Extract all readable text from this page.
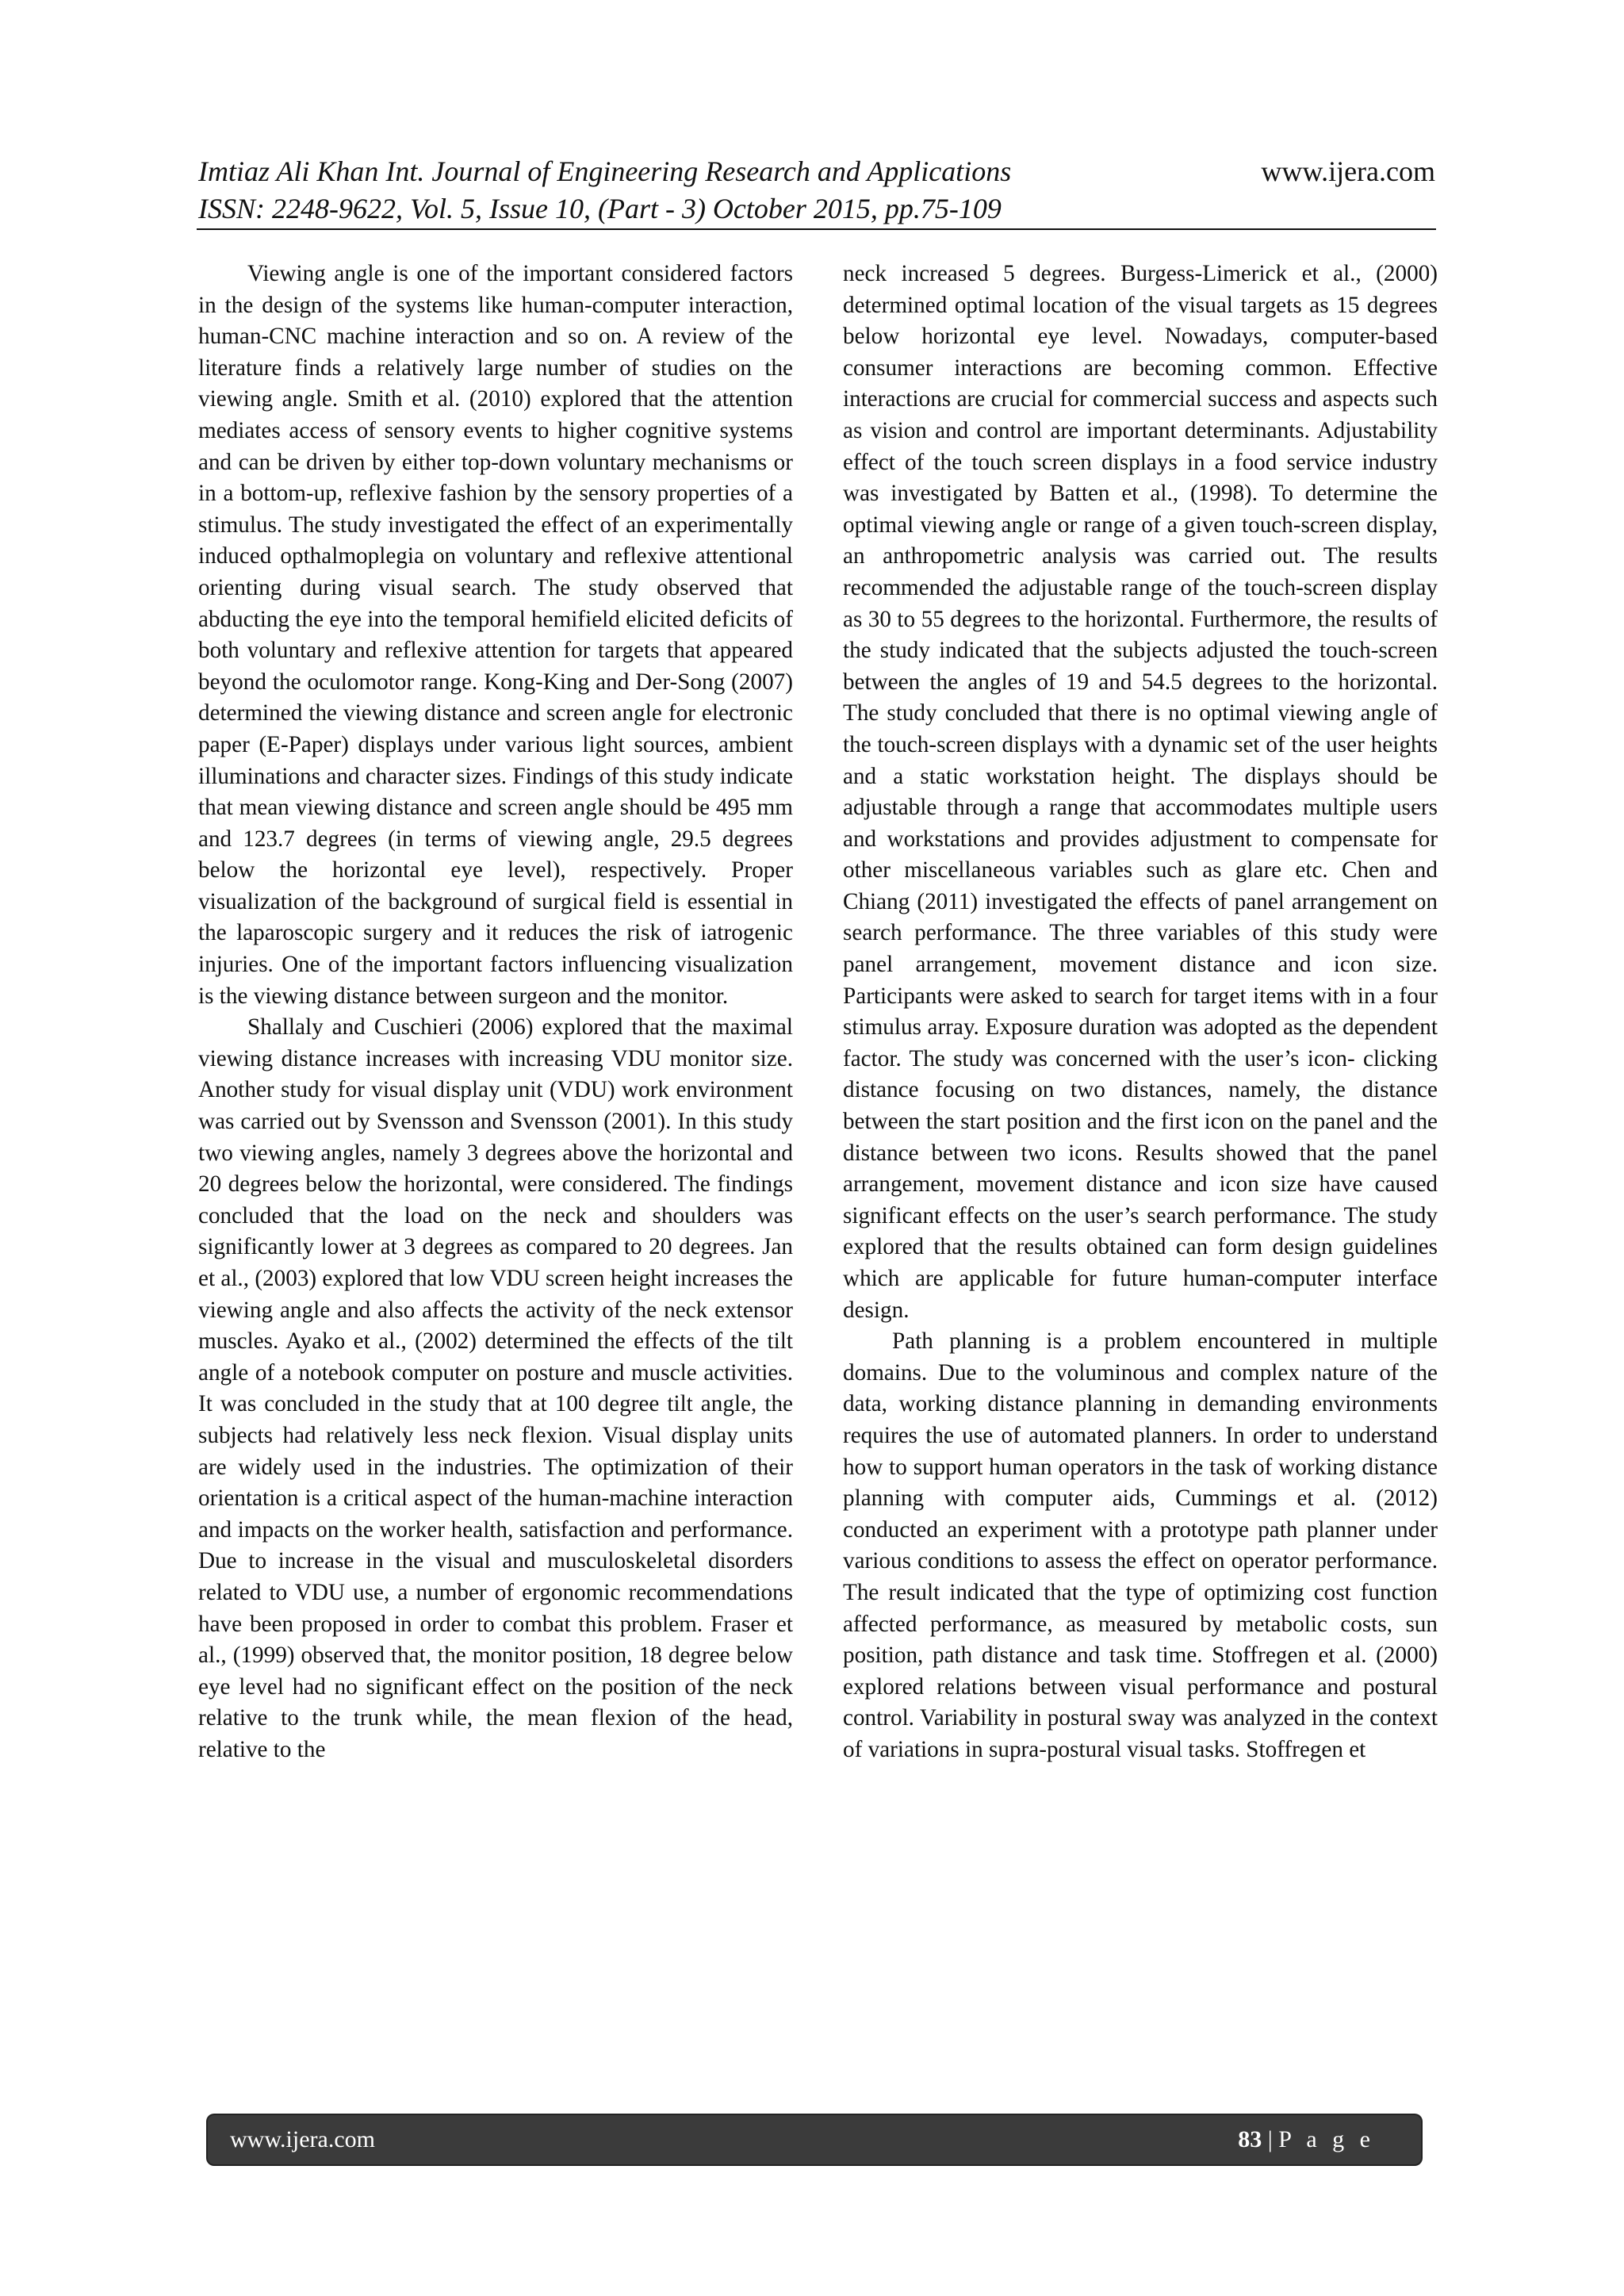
Imtiaz Ali Khan Int. Journal of Engineering Research and Applications	www.ijera.com
ISSN: 2248-9622, Vol. 5, Issue 10, (Part - 3) October 2015, pp.75-109

Viewing angle is one of the important considered factors in the design of the systems like human-computer interaction, human-CNC machine interaction and so on. A review of the literature finds a relatively large number of studies on the viewing angle. Smith et al. (2010) explored that the attention mediates access of sensory events to higher cognitive systems and can be driven by either top-down voluntary mechanisms or in a bottom-up, reflexive fashion by the sensory properties of a stimulus. The study investigated the effect of an experimentally induced opthalmoplegia on voluntary and reflexive attentional orienting during visual search. The study observed that abducting the eye into the temporal hemifield elicited deficits of both voluntary and reflexive attention for targets that appeared beyond the oculomotor range. Kong-King and Der-Song (2007) determined the viewing distance and screen angle for electronic paper (E-Paper) displays under various light sources, ambient illuminations and character sizes. Findings of this study indicate that mean viewing distance and screen angle should be 495 mm and 123.7 degrees (in terms of viewing angle, 29.5 degrees below the horizontal eye level), respectively. Proper visualization of the background of surgical field is essential in the laparoscopic surgery and it reduces the risk of iatrogenic injuries. One of the important factors influencing visualization is the viewing distance between surgeon and the monitor.

Shallaly and Cuschieri (2006) explored that the maximal viewing distance increases with increasing VDU monitor size. Another study for visual display unit (VDU) work environment was carried out by Svensson and Svensson (2001). In this study two viewing angles, namely 3 degrees above the horizontal and 20 degrees below the horizontal, were considered. The findings concluded that the load on the neck and shoulders was significantly lower at 3 degrees as compared to 20 degrees. Jan et al., (2003) explored that low VDU screen height increases the viewing angle and also affects the activity of the neck extensor muscles. Ayako et al., (2002) determined the effects of the tilt angle of a notebook computer on posture and muscle activities. It was concluded in the study that at 100 degree tilt angle, the subjects had relatively less neck flexion. Visual display units are widely used in the industries. The optimization of their orientation is a critical aspect of the human-machine interaction and impacts on the worker health, satisfaction and performance. Due to increase in the visual and musculoskeletal disorders related to VDU use, a number of ergonomic recommendations have been proposed in order to combat this problem. Fraser et al., (1999) observed that, the monitor position, 18 degree below eye level had no significant effect on the position of the neck relative to the trunk while, the mean flexion of the head, relative to the

neck increased 5 degrees. Burgess-Limerick et al., (2000) determined optimal location of the visual targets as 15 degrees below horizontal eye level. Nowadays, computer-based consumer interactions are becoming common. Effective interactions are crucial for commercial success and aspects such as vision and control are important determinants. Adjustability effect of the touch screen displays in a food service industry was investigated by Batten et al., (1998). To determine the optimal viewing angle or range of a given touch-screen display, an anthropometric analysis was carried out. The results recommended the adjustable range of the touch-screen display as 30 to 55 degrees to the horizontal. Furthermore, the results of the study indicated that the subjects adjusted the touch-screen between the angles of 19 and 54.5 degrees to the horizontal. The study concluded that there is no optimal viewing angle of the touch-screen displays with a dynamic set of the user heights and a static workstation height. The displays should be adjustable through a range that accommodates multiple users and workstations and provides adjustment to compensate for other miscellaneous variables such as glare etc. Chen and Chiang (2011) investigated the effects of panel arrangement on search performance. The three variables of this study were panel arrangement, movement distance and icon size. Participants were asked to search for target items with in a four stimulus array. Exposure duration was adopted as the dependent factor. The study was concerned with the user’s icon- clicking distance focusing on two distances, namely, the distance between the start position and the first icon on the panel and the distance between two icons. Results showed that the panel arrangement, movement distance and icon size have caused significant effects on the user’s search performance. The study explored that the results obtained can form design guidelines which are applicable for future human-computer interface design.

Path planning is a problem encountered in multiple domains. Due to the voluminous and complex nature of the data, working distance planning in demanding environments requires the use of automated planners. In order to understand how to support human operators in the task of working distance planning with computer aids, Cummings et al. (2012) conducted an experiment with a prototype path planner under various conditions to assess the effect on operator performance. The result indicated that the type of optimizing cost function affected performance, as measured by metabolic costs, sun position, path distance and task time. Stoffregen et al. (2000) explored relations between visual performance and postural control. Variability in postural sway was analyzed in the context of variations in supra-postural visual tasks. Stoffregen et

www.ijera.com	83 | P a g e
